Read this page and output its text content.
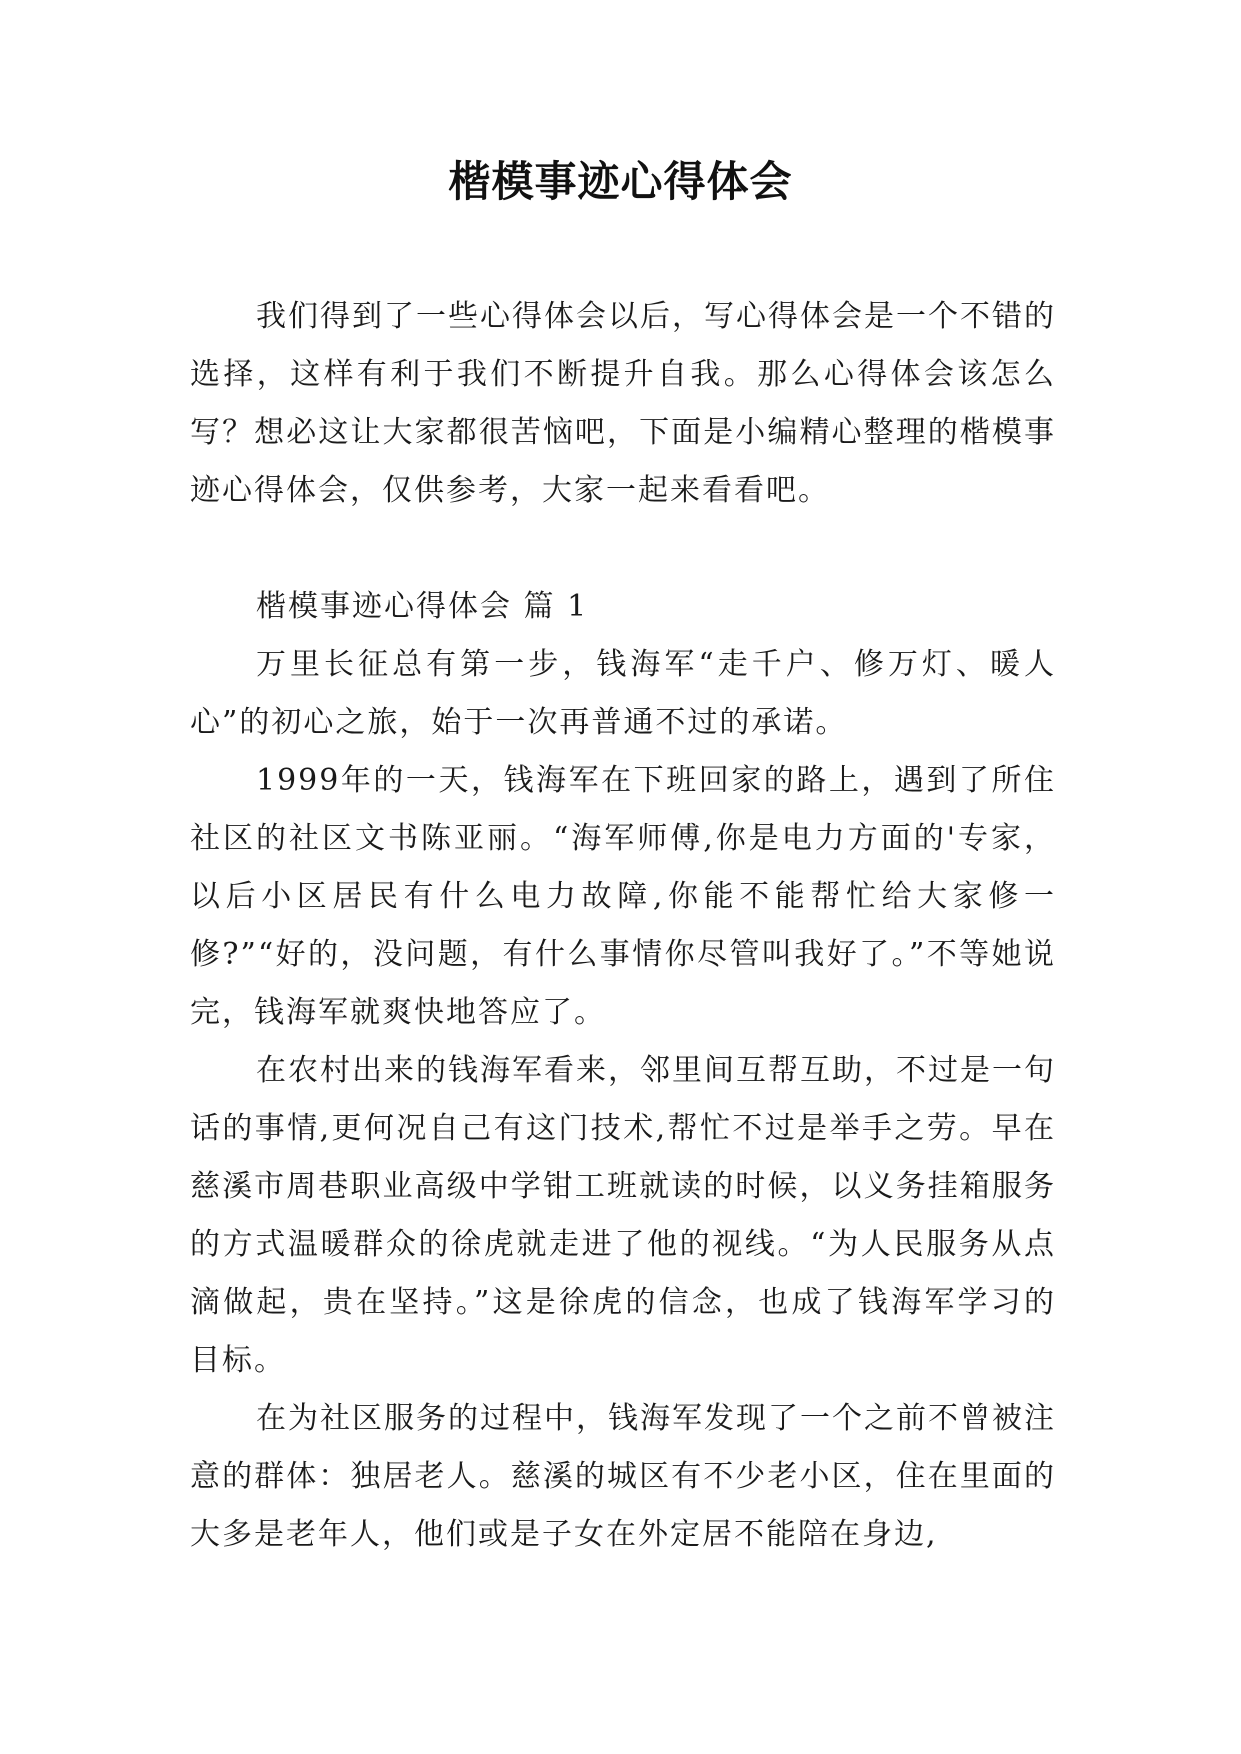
楷模事迹心得体会

我们得到了一些心得体会以后，写心得体会是一个不错的选择，这样有利于我们不断提升自我。那么心得体会该怎么写？想必这让大家都很苦恼吧，下面是小编精心整理的楷模事迹心得体会，仅供参考，大家一起来看看吧。

楷模事迹心得体会 篇 1

万里长征总有第一步，钱海军“走千户、修万灯、暖人心”的初心之旅，始于一次再普通不过的承诺。

1999年的一天，钱海军在下班回家的路上，遇到了所住社区的社区文书陈亚丽。“海军师傅,你是电力方面的'专家，以后小区居民有什么电力故障,你能不能帮忙给大家修一修?”“好的，没问题，有什么事情你尽管叫我好了。”不等她说完，钱海军就爽快地答应了。

在农村出来的钱海军看来，邻里间互帮互助，不过是一句话的事情,更何况自己有这门技术,帮忙不过是举手之劳。早在慈溪市周巷职业高级中学钳工班就读的时候，以义务挂箱服务的方式温暖群众的徐虎就走进了他的视线。“为人民服务从点滴做起，贵在坚持。”这是徐虎的信念，也成了钱海军学习的目标。

在为社区服务的过程中，钱海军发现了一个之前不曾被注意的群体：独居老人。慈溪的城区有不少老小区，住在里面的大多是老年人，他们或是子女在外定居不能陪在身边,
